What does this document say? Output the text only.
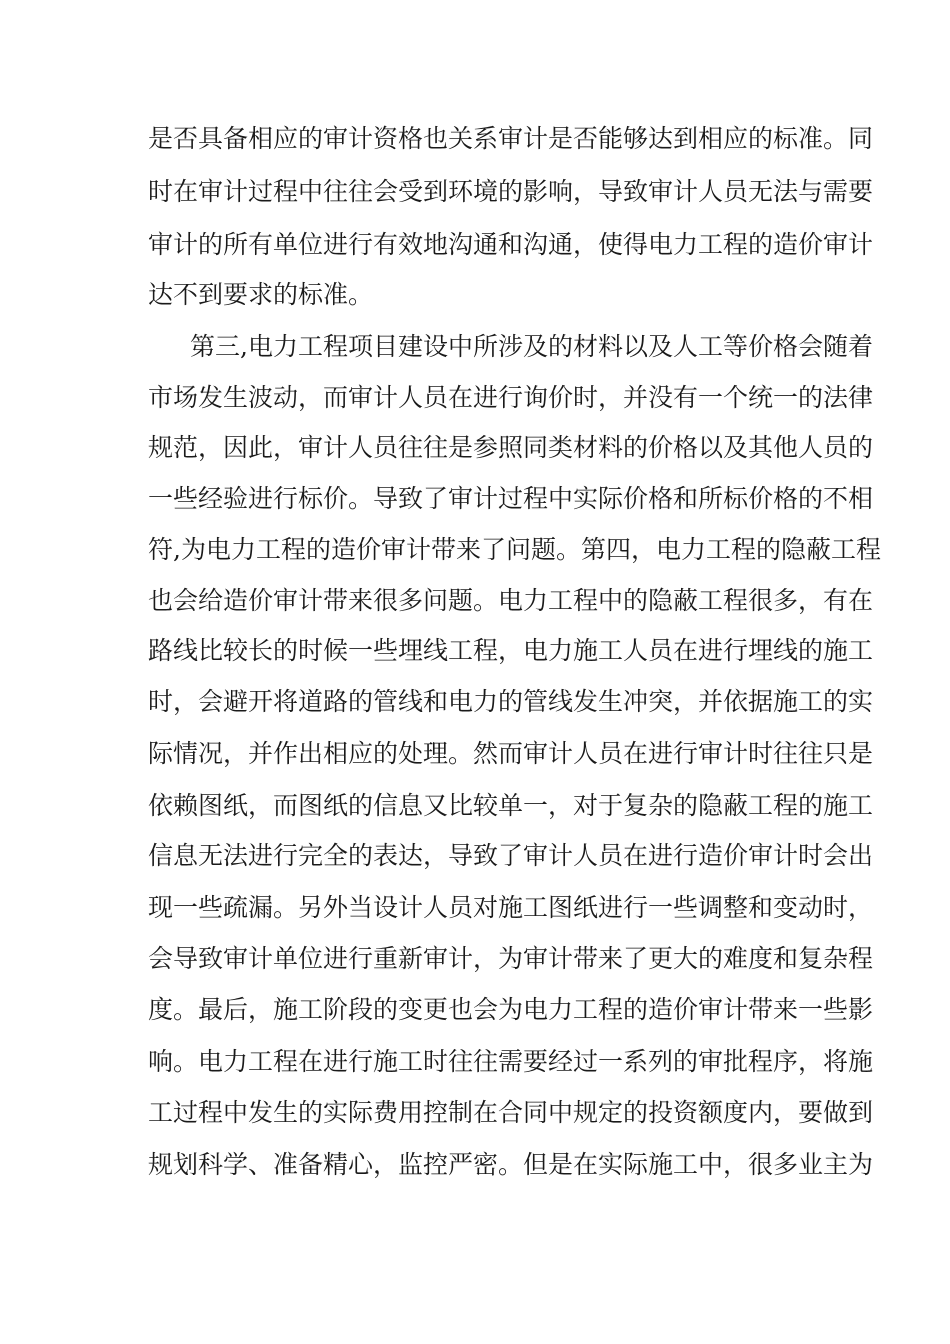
是否具备相应的审计资格也关系审计是否能够达到相应的标准。同
时在审计过程中往往会受到环境的影响，导致审计人员无法与需要
审计的所有单位进行有效地沟通和沟通，使得电力工程的造价审计
达不到要求的标准。
第三,电力工程项目建设中所涉及的材料以及人工等价格会随着
市场发生波动，而审计人员在进行询价时，并没有一个统一的法律
规范，因此，审计人员往往是参照同类材料的价格以及其他人员的
一些经验进行标价。导致了审计过程中实际价格和所标价格的不相
符,为电力工程的造价审计带来了问题。第四，电力工程的隐蔽工程
也会给造价审计带来很多问题。电力工程中的隐蔽工程很多，有在
路线比较长的时候一些埋线工程，电力施工人员在进行埋线的施工
时，会避开将道路的管线和电力的管线发生冲突，并依据施工的实
际情况，并作出相应的处理。然而审计人员在进行审计时往往只是
依赖图纸，而图纸的信息又比较单一，对于复杂的隐蔽工程的施工
信息无法进行完全的表达，导致了审计人员在进行造价审计时会出
现一些疏漏。另外当设计人员对施工图纸进行一些调整和变动时，
会导致审计单位进行重新审计，为审计带来了更大的难度和复杂程
度。最后，施工阶段的变更也会为电力工程的造价审计带来一些影
响。电力工程在进行施工时往往需要经过一系列的审批程序，将施
工过程中发生的实际费用控制在合同中规定的投资额度内，要做到
规划科学、准备精心，监控严密。但是在实际施工中，很多业主为
